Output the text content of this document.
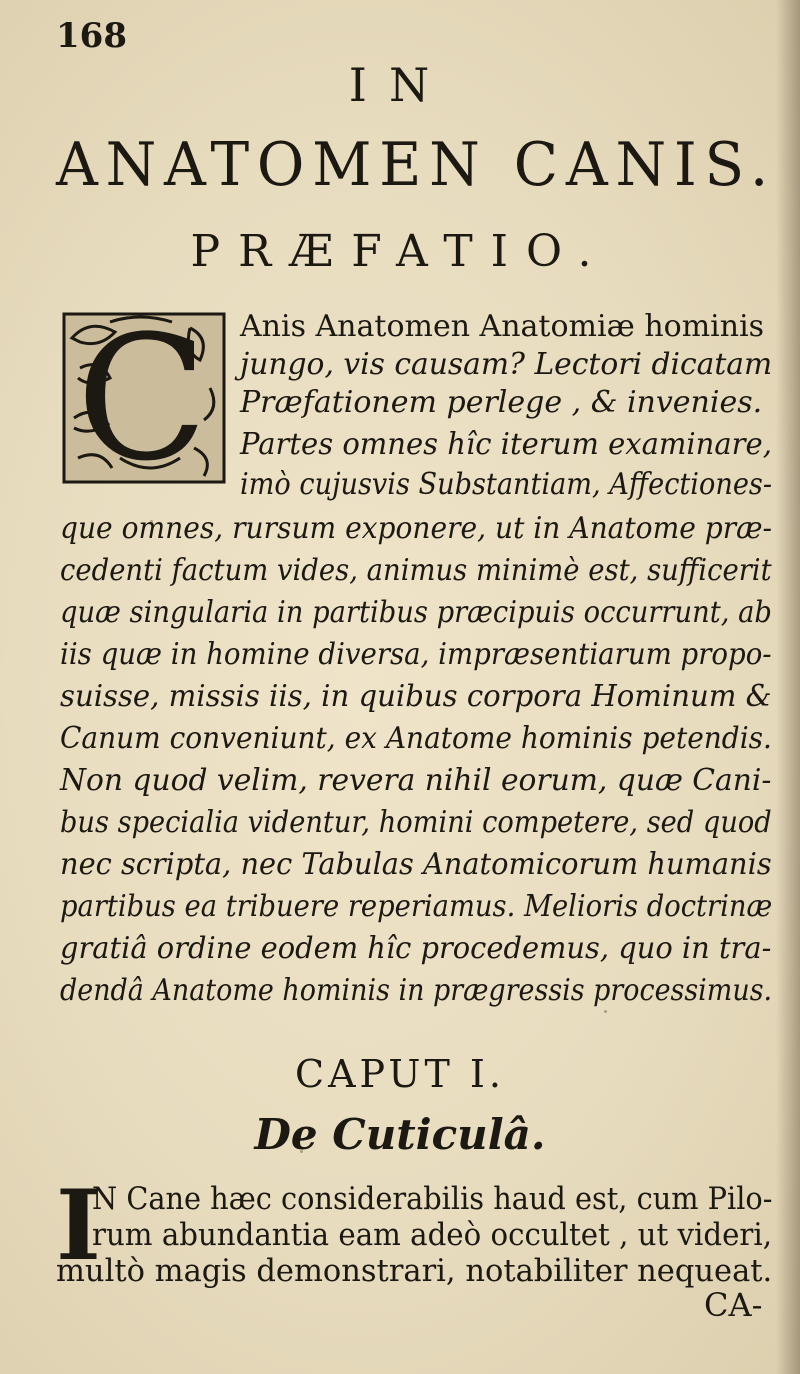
168
IN
ANATOMEN CANIS.
PRÆFATIO.
C Anis Anatomen Anatomiæ hominis
jungo, vis causam? Lectori dicatam
Præfationem perlege , & invenies.
Partes omnes hîc iterum examinare,
imò cujusvis Substantiam, Affectiones-
que omnes, rursum exponere, ut in Anatome præ-
cedenti factum vides, animus minimè est, sufficerit
quæ singularia in partibus præcipuis occurrunt, ab
iis quæ in homine diversa, impræsentiarum propo-
suisse, missis iis, in quibus corpora Hominum &
Canum conveniunt, ex Anatome hominis petendis.
Non quod velim, revera nihil eorum, quæ Cani-
bus specialia videntur, homini competere, sed quod
nec scripta, nec Tabulas Anatomicorum humanis
partibus ea tribuere reperiamus. Melioris doctrinæ
gratiâ ordine eodem hîc procedemus, quo in tra-
dendâ Anatome hominis in prægressis processimus.
CAPUT I.
De Cuticulâ.
I
N Cane hæc considerabilis haud est, cum Pilo-
rum abundantia eam adeò occultet , ut videri,
multò magis demonstrari, notabiliter nequeat.
CA-
